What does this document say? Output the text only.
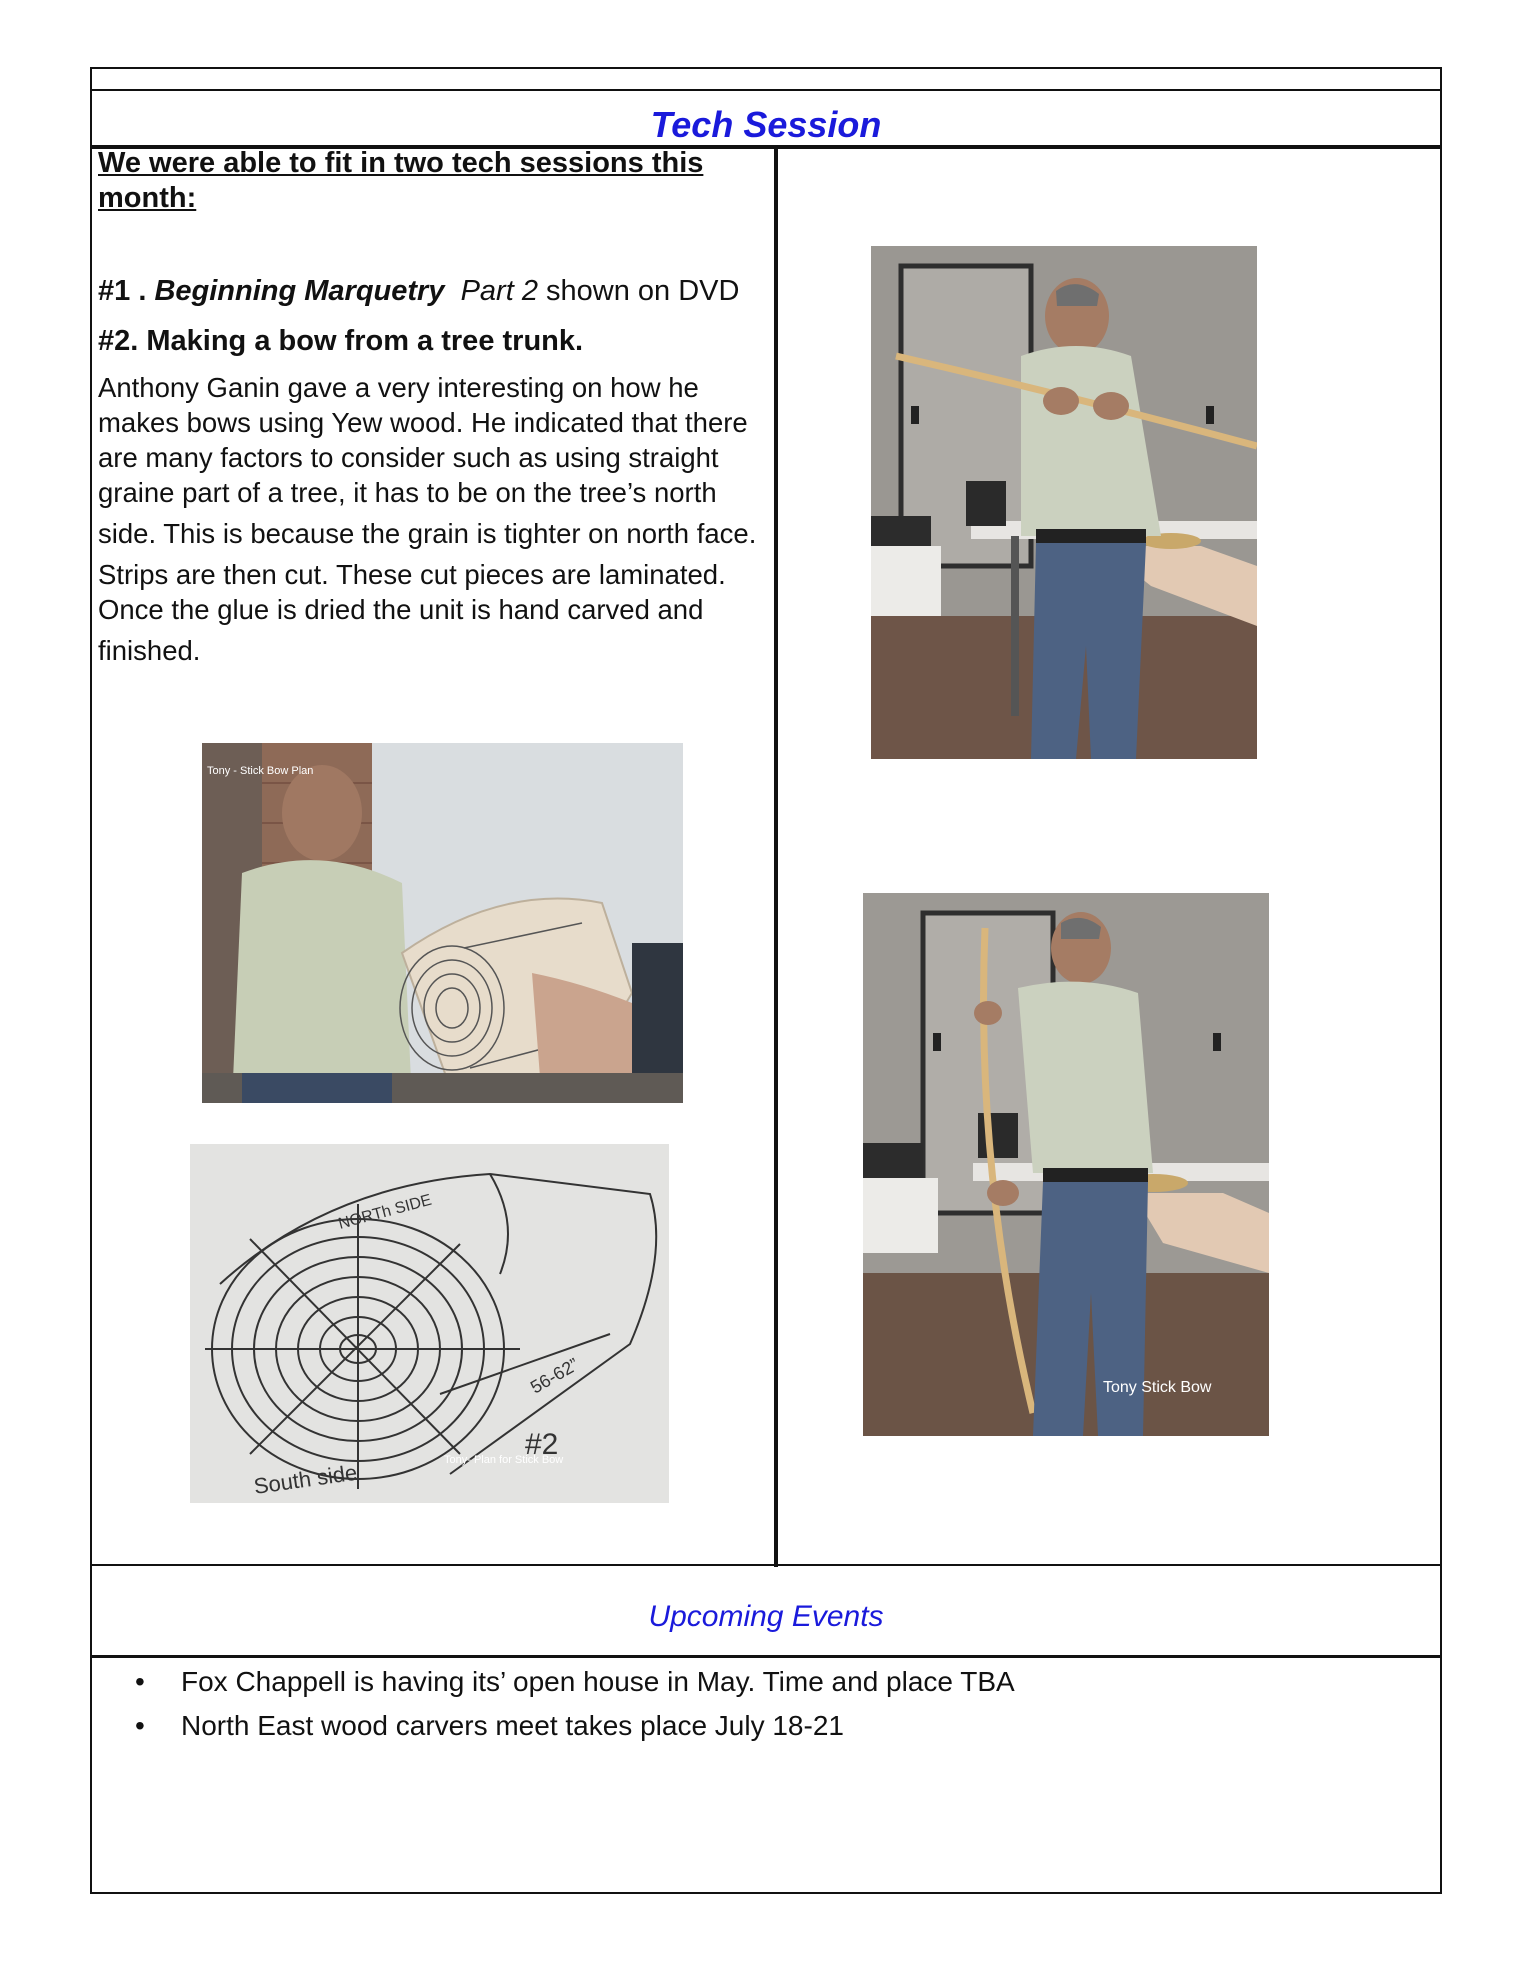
Tech Session
We were able to fit in two tech sessions this month:
#1 . Beginning Marquetry Part 2 shown on DVD
#2. Making a bow from a tree trunk.
Anthony Ganin gave a very interesting on how he
makes bows using Yew wood. He indicated that there
are many factors to consider such as using straight
graine part of a tree, it has to be on the tree’s north
side. This is because the grain is tighter on north face.
Strips are then cut. These cut pieces are laminated.
Once the glue is dried the unit is hand carved and
finished.
Tony - Stick Bow Plan
NORTh SIDE
South side
56-62”
#2
Tony- Plan for Stick Bow
Tony Stick Bow
Upcoming Events
• Fox Chappell is having its’ open house in May. Time and place TBA
• North East wood carvers meet takes place July 18-21
